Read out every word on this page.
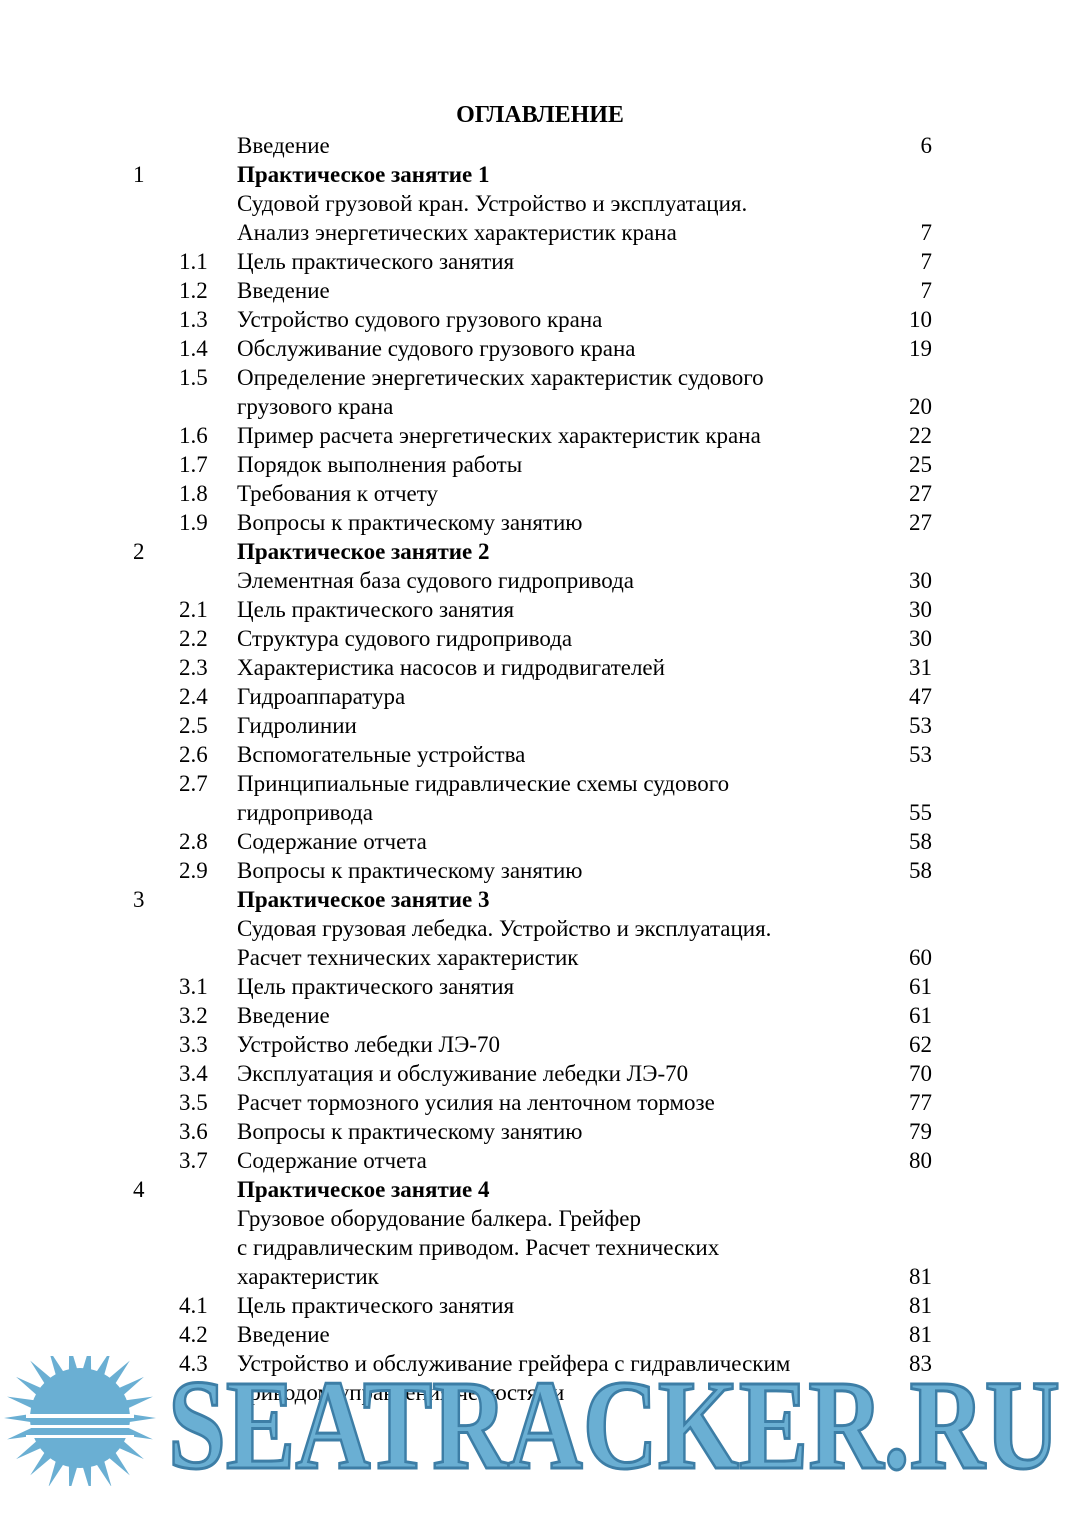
ОГЛАВЛЕНИЕ
Введение	6
1	Практическое занятие 1
Судовой грузовой кран. Устройство и эксплуатация.
Анализ энергетических характеристик крана	7
1.1	Цель практического занятия	7
1.2	Введение	7
1.3	Устройство судового грузового крана	10
1.4	Обслуживание судового грузового крана	19
1.5	Определение энергетических характеристик судового
грузового крана	20
1.6	Пример расчета энергетических характеристик крана	22
1.7	Порядок выполнения работы	25
1.8	Требования к отчету	27
1.9	Вопросы к практическому занятию	27
2	Практическое занятие 2
Элементная база судового гидропривода	30
2.1	Цель практического занятия	30
2.2	Структура судового гидропривода	30
2.3	Характеристика насосов и гидродвигателей	31
2.4	Гидроаппаратура	47
2.5	Гидролинии	53
2.6	Вспомогательные устройства	53
2.7	Принципиальные гидравлические схемы судового
гидропривода	55
2.8	Содержание отчета	58
2.9	Вопросы к практическому занятию	58
3	Практическое занятие 3
Судовая грузовая лебедка. Устройство и эксплуатация.
Расчет технических характеристик	60
3.1	Цель практического занятия	61
3.2	Введение	61
3.3	Устройство лебедки ЛЭ-70	62
3.4	Эксплуатация и обслуживание лебедки ЛЭ-70	70
3.5	Расчет тормозного усилия на ленточном тормозе	77
3.6	Вопросы к практическому занятию	79
3.7	Содержание отчета	80
4	Практическое занятие 4
Грузовое оборудование балкера. Грейфер
с гидравлическим приводом. Расчет технических
характеристик	81
4.1	Цель практического занятия	81
4.2	Введение	81
4.3	Устройство и обслуживание грейфера с гидравлическим	83
приводом управления челюстями
SEATRACKER.RU
